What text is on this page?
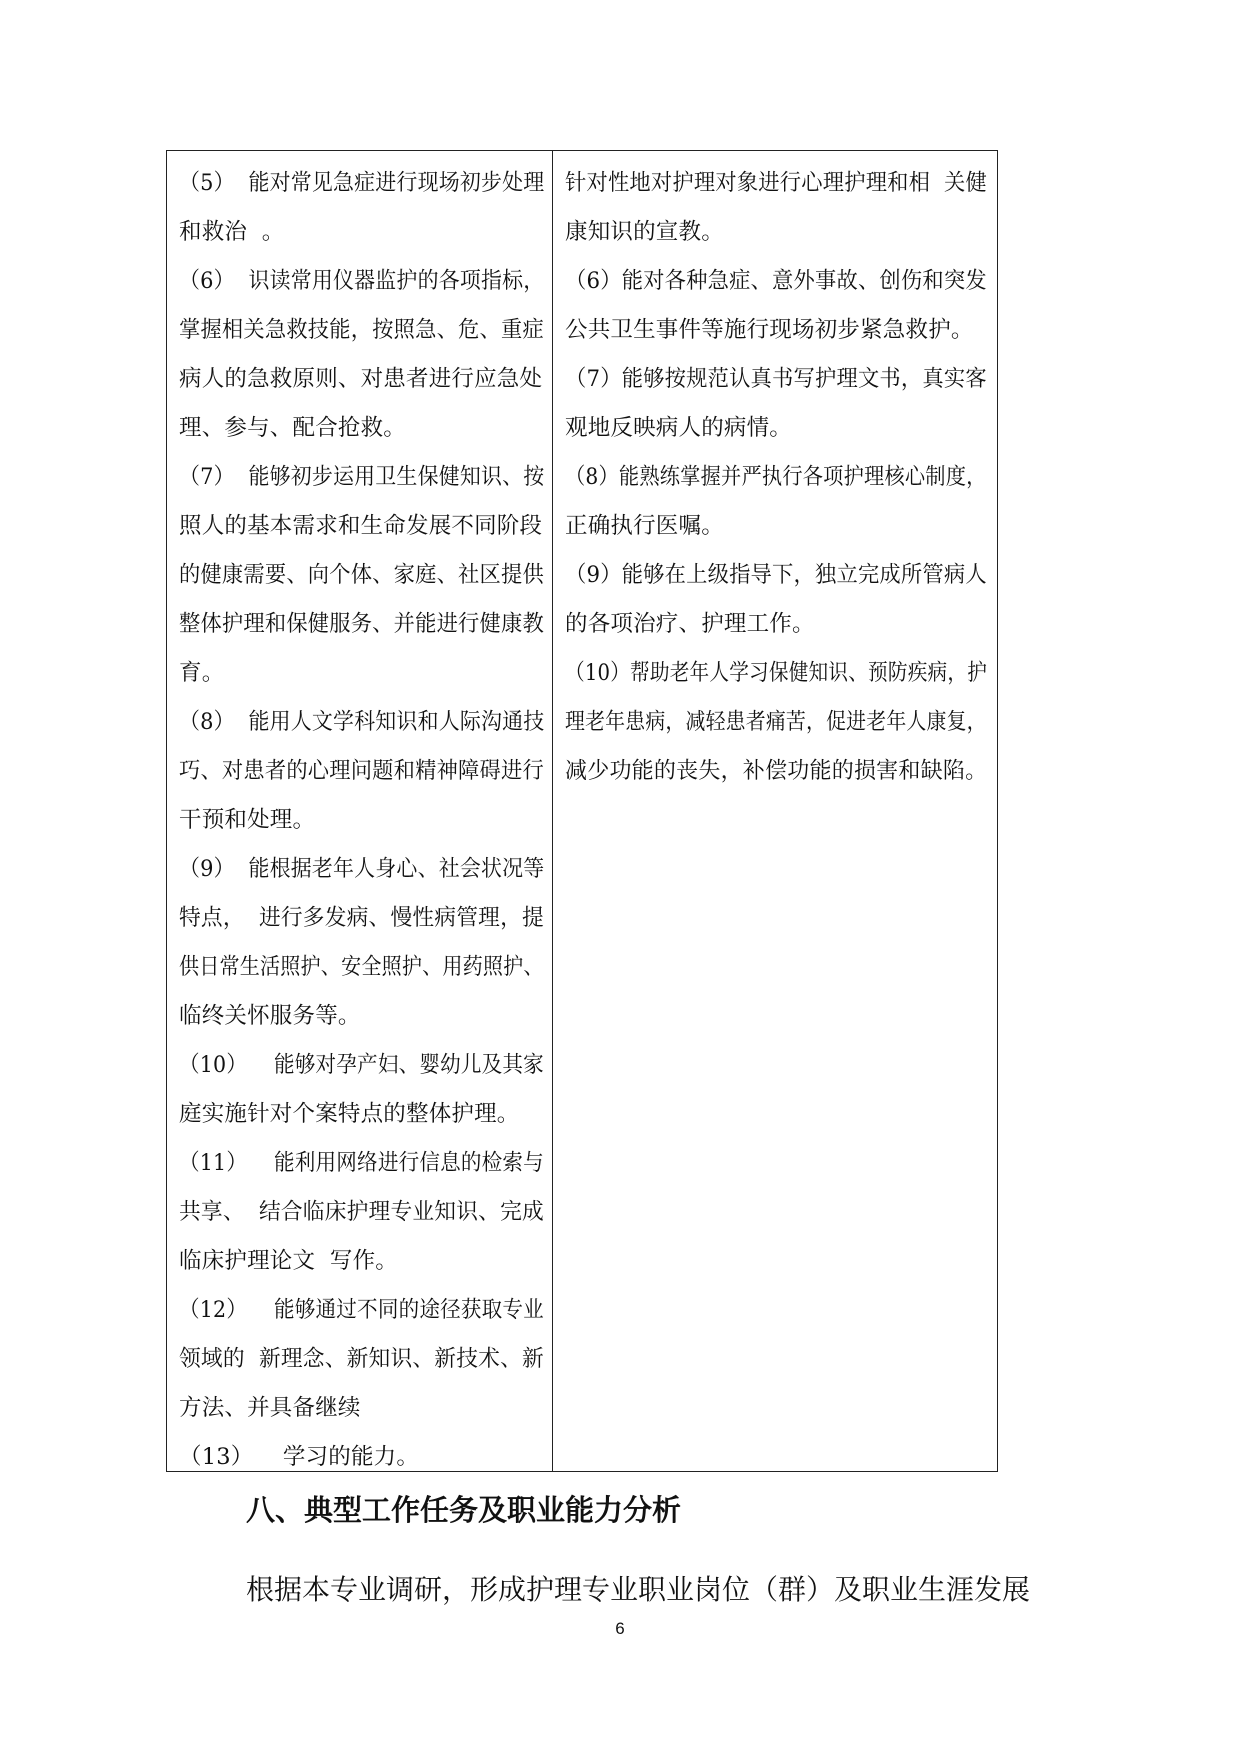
（5）  能对常见急症进行现场初步处理
和救治  。
（6）  识读常用仪器监护的各项指标，
掌握相关急救技能，按照急、危、重症
病人的急救原则、对患者进行应急处
理、参与、配合抢救。
（7）  能够初步运用卫生保健知识、按
照人的基本需求和生命发展不同阶段
的健康需要、向个体、家庭、社区提供
整体护理和保健服务、并能进行健康教
育。
（8）  能用人文学科知识和人际沟通技
巧、对患者的心理问题和精神障碍进行
干预和处理。
（9）  能根据老年人身心、社会状况等
特点，  进行多发病、慢性病管理，提
供日常生活照护、安全照护、用药照护、
临终关怀服务等。
（10）    能够对孕产妇、婴幼儿及其家
庭实施针对个案特点的整体护理。
（11）    能利用网络进行信息的检索与
共享、  结合临床护理专业知识、完成
临床护理论文  写作。
（12）    能够通过不同的途径获取专业
领域的  新理念、新知识、新技术、新
方法、并具备继续
（13）    学习的能力。
针对性地对护理对象进行心理护理和相  关健
康知识的宣教。
（6）能对各种急症、意外事故、创伤和突发
公共卫生事件等施行现场初步紧急救护。
（7）能够按规范认真书写护理文书，真实客
观地反映病人的病情。
（8）能熟练掌握并严执行各项护理核心制度，
正确执行医嘱。
（9）能够在上级指导下，独立完成所管病人
的各项治疗、护理工作。
（10）帮助老年人学习保健知识、预防疾病，护
理老年患病，减轻患者痛苦，促进老年人康复，
减少功能的丧失，补偿功能的损害和缺陷。
八、典型工作任务及职业能力分析
根据本专业调研，形成护理专业职业岗位（群）及职业生涯发展
6
